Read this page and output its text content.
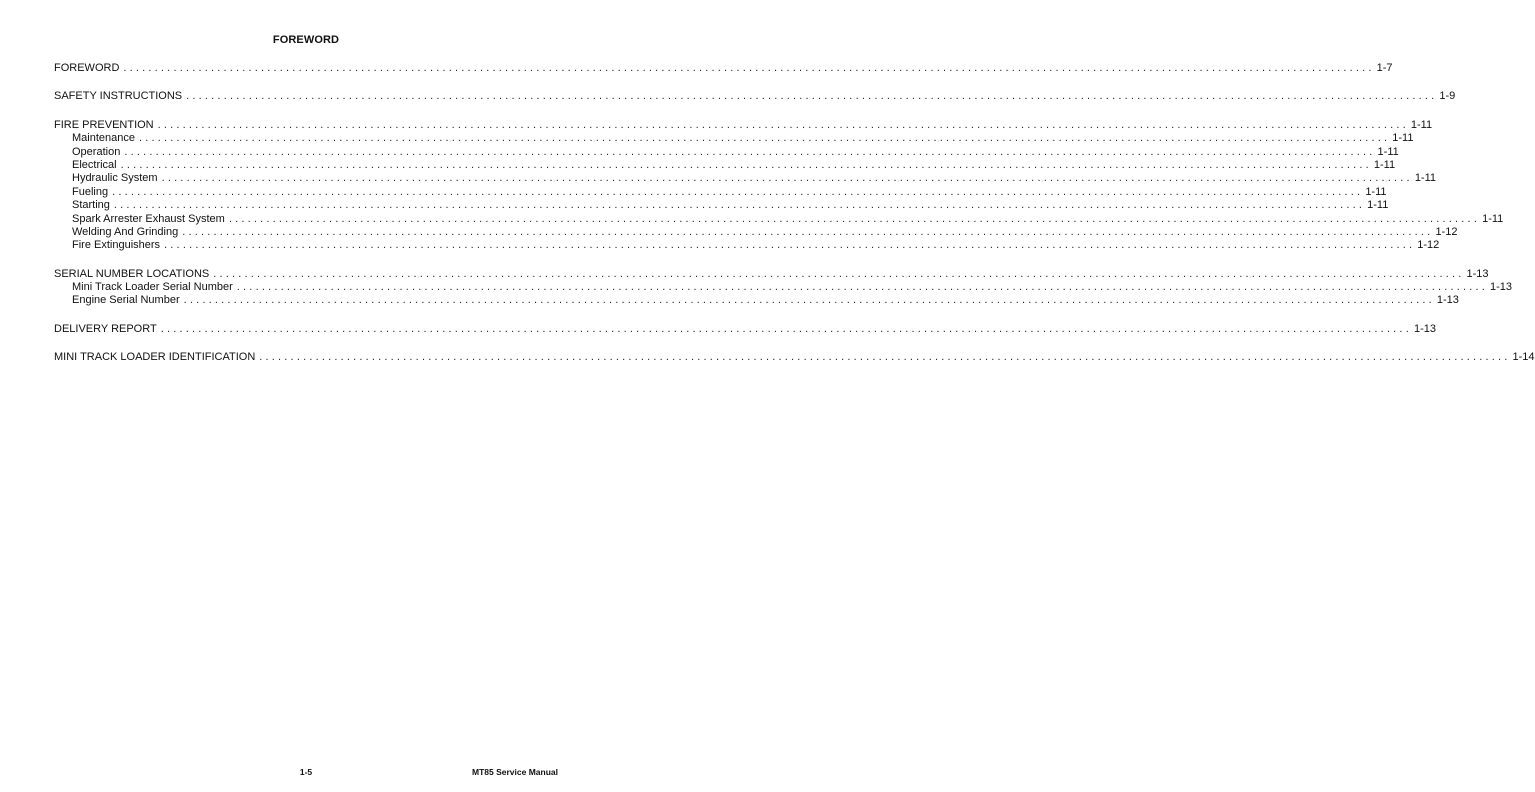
FOREWORD
FOREWORD ........................................................................................................................................................................................................ 1-7
SAFETY INSTRUCTIONS ........................................................................................................................................................................................................ 1-9
FIRE PREVENTION ........................................................................................................................................................................................................ 1-11
Maintenance ........................................................................................................................................................................................................ 1-11
Operation ........................................................................................................................................................................................................ 1-11
Electrical ........................................................................................................................................................................................................ 1-11
Hydraulic System ........................................................................................................................................................................................................ 1-11
Fueling ........................................................................................................................................................................................................ 1-11
Starting ........................................................................................................................................................................................................ 1-11
Spark Arrester Exhaust System ........................................................................................................................................................................................................ 1-11
Welding And Grinding ........................................................................................................................................................................................................ 1-12
Fire Extinguishers ........................................................................................................................................................................................................ 1-12
SERIAL NUMBER LOCATIONS ........................................................................................................................................................................................................ 1-13
Mini Track Loader Serial Number ........................................................................................................................................................................................................ 1-13
Engine Serial Number ........................................................................................................................................................................................................ 1-13
DELIVERY REPORT ........................................................................................................................................................................................................ 1-13
MINI TRACK LOADER IDENTIFICATION ........................................................................................................................................................................................................ 1-14
1-5	MT85 Service Manual
